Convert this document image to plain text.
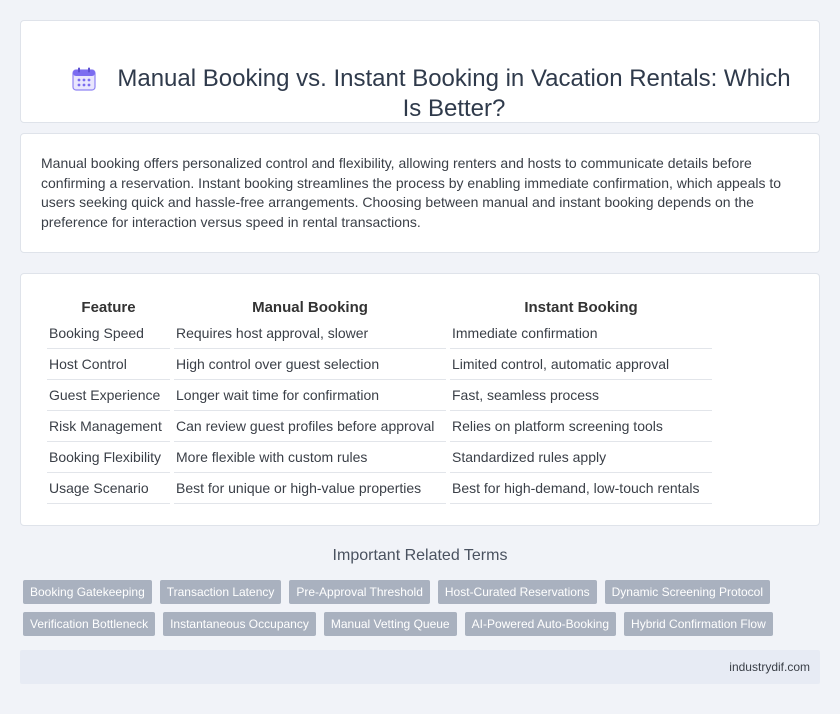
Manual Booking vs. Instant Booking in Vacation Rentals: Which Is Better?

Manual booking offers personalized control and flexibility, allowing renters and hosts to communicate details before confirming a reservation. Instant booking streamlines the process by enabling immediate confirmation, which appeals to users seeking quick and hassle-free arrangements. Choosing between manual and instant booking depends on the preference for interaction versus speed in rental transactions.

Feature	Manual Booking	Instant Booking
Booking Speed	Requires host approval, slower	Immediate confirmation
Host Control	High control over guest selection	Limited control, automatic approval
Guest Experience	Longer wait time for confirmation	Fast, seamless process
Risk Management	Can review guest profiles before approval	Relies on platform screening tools
Booking Flexibility	More flexible with custom rules	Standardized rules apply
Usage Scenario	Best for unique or high-value properties	Best for high-demand, low-touch rentals
Important Related Terms
Booking Gatekeeping	Transaction Latency	Pre-Approval Threshold	Host-Curated Reservations	Dynamic Screening Protocol
Verification Bottleneck	Instantaneous Occupancy	Manual Vetting Queue	AI-Powered Auto-Booking	Hybrid Confirmation Flow
industrydif.com
